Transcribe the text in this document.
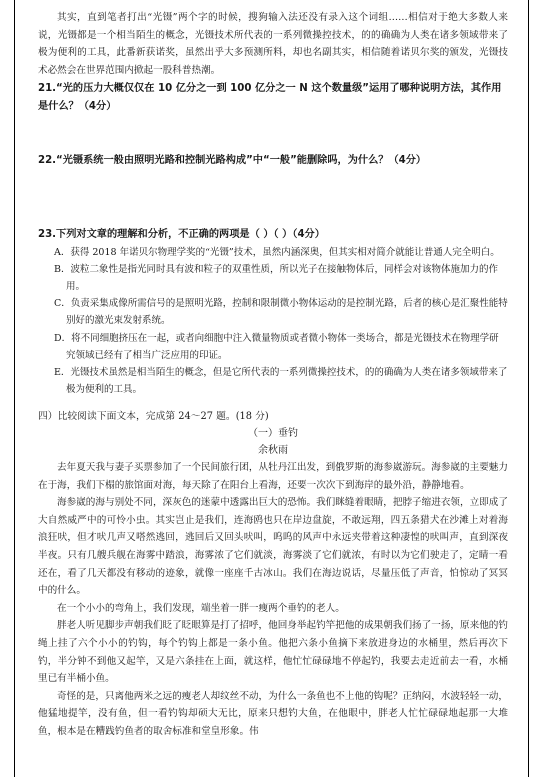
其实，直到笔者打出“光镊”两个字的时候，搜狗输入法还没有录入这个词组……相信对于绝大多数人来说，光镊都是一个相当陌生的概念，光镊技术所代表的一系列微操控技术，的的确确为人类在诸多领域带来了极为便利的工具，此番新获诺奖，虽然出乎大多预测所料，却也名副其实，相信随着诺贝尔奖的颁发，光镊技术必然会在世界范围内掀起一股科普热潮。

21.“光的压力大概仅仅在 10 亿分之一到 100 亿分之一 N 这个数量级”运用了哪种说明方法，其作用是什么？（4分）

22.“光镊系统一般由照明光路和控制光路构成”中“一般”能删除吗，为什么？（4分）

23.下列对文章的理解和分析，不正确的两项是（ ）（ ）（4分）

A．获得 2018 年诺贝尔物理学奖的“光镊”技术，虽然内涵深奥，但其实相对简介就能让普通人完全明白。

B．波粒二象性是指光同时具有波和粒子的双重性质，所以光子在接触物体后，同样会对该物体施加力的作用。

C．负责采集成像所需信号的是照明光路，控制和限制微小物体运动的是控制光路，后者的核心是汇聚性能特别好的激光束发射系统。

D．将不同细胞挤压在一起，或者向细胞中注入微量物质或者微小物体一类场合，都是光镊技术在物理学研究领域已经有了相当广泛应用的印证。

E．光镊技术虽然是相当陌生的概念，但是它所代表的一系列微操控技术，的的确确为人类在诸多领域带来了极为便利的工具。

四）比较阅读下面文本，完成第 24～27 题。(18 分)

（一）垂钓

余秋雨

去年夏天我与妻子买票参加了一个民间旅行团，从牡丹江出发，到俄罗斯的海参崴游玩。海参崴的主要魅力在于海，我们下榻的旅馆面对海，每天除了在阳台上看海，还要一次次下到海岸的最外沿，静静地看。

海参崴的海与别处不同，深灰色的迷蒙中透露出巨大的恐怖。我们眯缝着眼睛，把脖子缩进衣领，立即成了大自然威严中的可怜小虫。其实岂止是我们，连海鸥也只在岸边盘旋，不敢远翔，四五条猎犬在沙滩上对着海浪狂吠，但才吠几声又嗒然逃回，逃回后又回头吠叫，呜呜的风声中永远夹带着这种凄惶的吠叫声，直到深夜半夜。只有几艘兵舰在海雾中踏浪，海雾浓了它们就淡，海雾淡了它们就浓，有时以为它们驶走了，定睛一看还在，看了几天都没有移动的迹象，就像一座座千古冰山。我们在海边说话，尽量压低了声音，怕惊动了冥冥中的什么。

在一个小小的弯角上，我们发现，端坐着一胖一瘦两个垂钓的老人。

胖老人听见脚步声朝我们眨了眨眼算是打了招呼，他回身举起钓竿把他的成果朝我们扬了一扬，原来他的钓绳上挂了六个小小的钓钩，每个钓钩上都是一条小鱼。他把六条小鱼摘下来放进身边的水桶里，然后再次下钓，半分钟不到他又起竿，又是六条挂在上面，就这样，他忙忙碌碌地不停起钓，我要去走近前去一看，水桶里已有半桶小鱼。

奇怪的是，只离他两米之远的瘦老人却纹丝不动，为什么一条鱼也不上他的钩呢？正纳闷，水波轻轻一动，他猛地提竿，没有鱼，但一看钓钩却硕大无比，原来只想钓大鱼，在他眼中，胖老人忙忙碌碌地起那一大堆鱼，根本是在糟践钓鱼者的取舍标准和堂皇形象。伟
